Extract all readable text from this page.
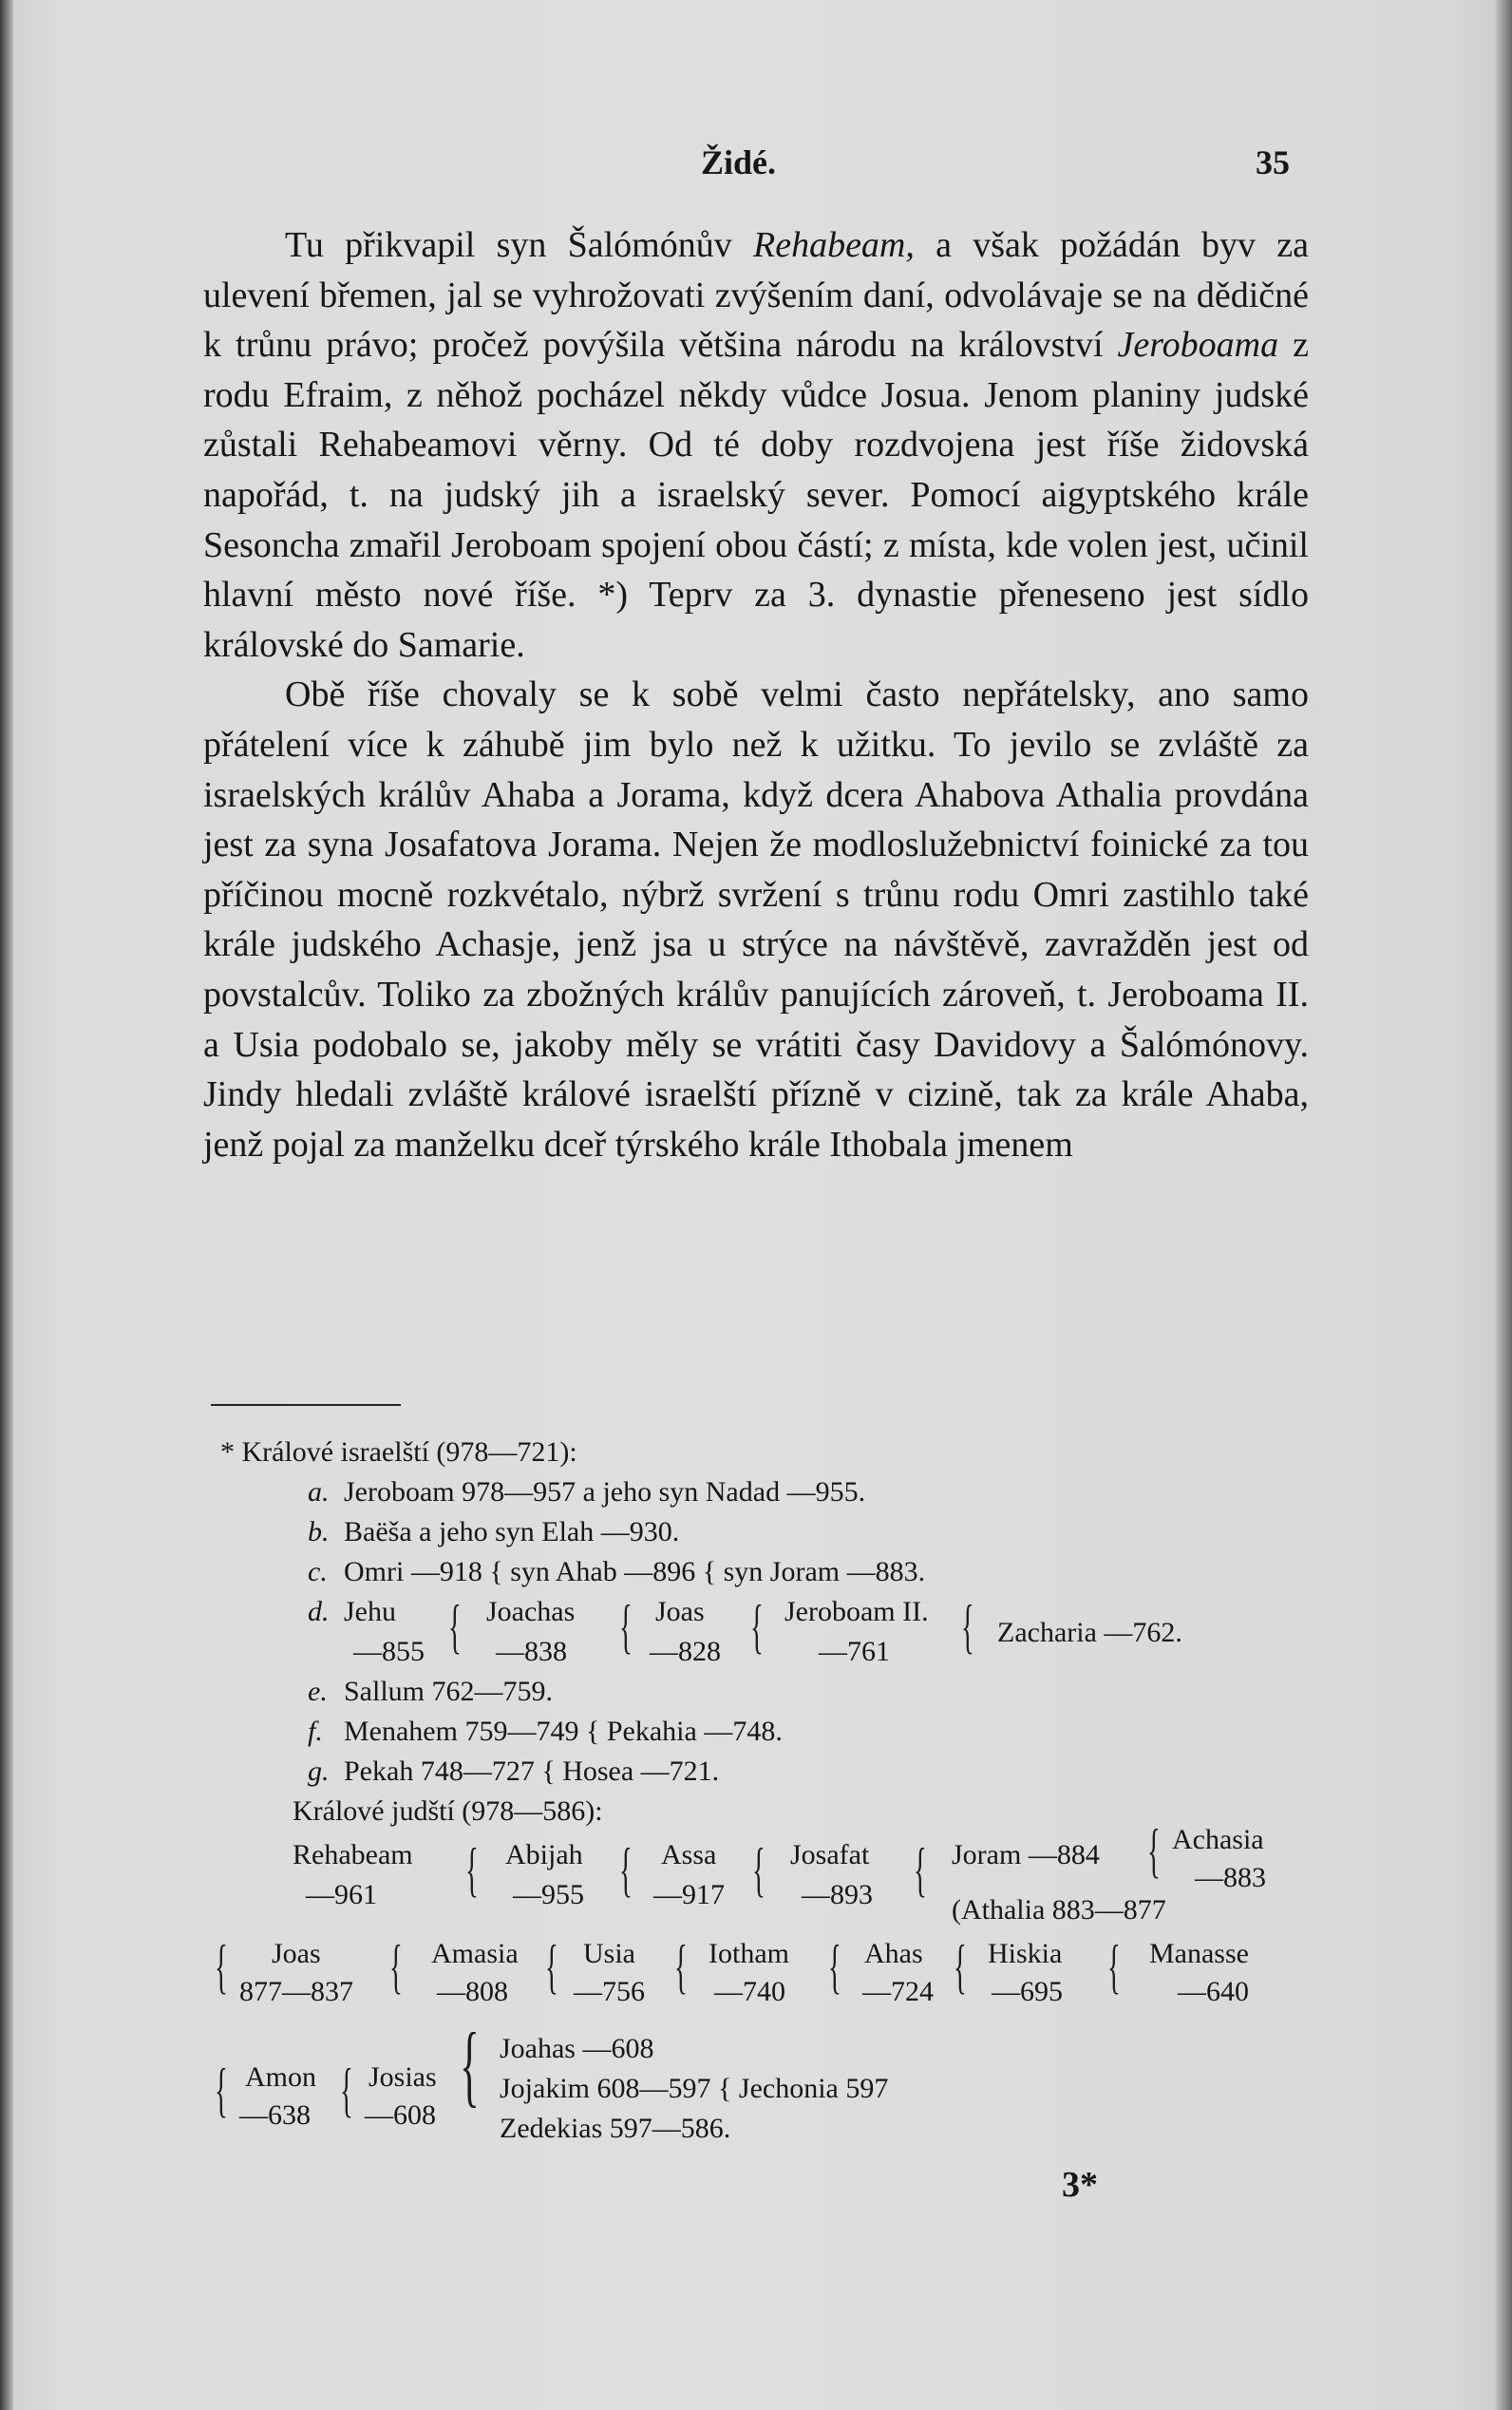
Židé.	35

Tu přikvapil syn Šalómónův Rehabeam, a však požádán byv za ulevení břemen, jal se vyhrožovati zvýšením daní, odvolávaje se na dědičné k trůnu právo; pročež povýšila většina národu na království Jeroboama z rodu Efraim, z něhož pocházel někdy vůdce Josua. Jenom planiny judské zůstali Rehabeamovi věrny. Od té doby rozdvojena jest říše židovská napořád, t. na judský jih a israelský sever. Pomocí aigyptského krále Sesoncha zmařil Jeroboam spojení obou částí; z místa, kde volen jest, učinil hlavní město nové říše. *) Teprv za 3. dynastie přeneseno jest sídlo královské do Samarie.

Obě říše chovaly se k sobě velmi často nepřátelsky, ano samo přátelení více k záhubě jim bylo než k užitku. To jevilo se zvláště za israelských králův Ahaba a Jorama, když dcera Ahabova Athalia provdána jest za syna Josafatova Jorama. Nejen že modloslužebnictví foinické za tou příčinou mocně rozkvétalo, nýbrž svržení s trůnu rodu Omri zastihlo také krále judského Achasje, jenž jsa u strýce na návštěvě, zavražděn jest od povstalcův. Toliko za zbožných králův panujících zároveň, t. Jeroboama II. a Usia podobalo se, jakoby měly se vrátiti časy Davidovy a Šalómónovy. Jindy hledali zvláště králové israelští přízně v cizině, tak za krále Ahaba, jenž pojal za manželku dceř týrského krále Ithobala jmenem

* Králové israelští (978—721):
a. Jeroboam 978—957 a jeho syn Nadad —955.
b. Baëša a jeho syn Elah —930.
c. Omri —918 { syn Ahab —896 { syn Joram —883.
d. Jehu
—855 { Joachas
—838 { Joas
—828 { Jeroboam II.
—761 { Zacharia —762.
e. Sallum 762—759.
f. Menahem 759—749 { Pekahia —748.
g. Pekah 748—727 { Hosea —721.
Králové judští (978—586):
Rehabeam
—961 { Abijah
—955 { Assa
—917 { Josafat
—893 { Joram —884 { Achasia
—883
(Athalia 883—877
{ Joas
877—837 { Amasia
—808 { Usia
—756 { Iotham
—740 { Ahas
—724 { Hiskia
—695 { Manasse
—640
{ Amon
—638 { Josias
—608 { Joahas —608
Jojakim 608—597 { Jechonia 597
Zedekias 597—586.
3*
